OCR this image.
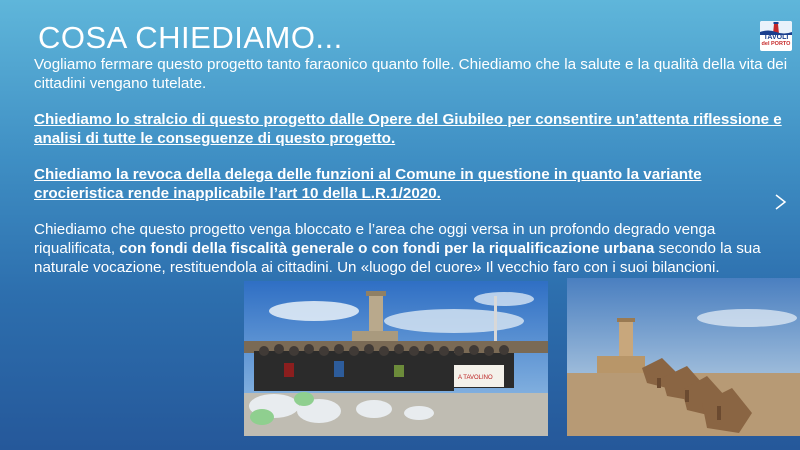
COSA CHIEDIAMO...	TAVOLI
del PORTO
Vogliamo fermare questo progetto tanto faraonico quanto folle. Chiediamo che la salute e la qualità della vita dei cittadini vengano tutelate.
Chiediamo lo stralcio di questo progetto dalle Opere del Giubileo per consentire un’attenta riflessione e analisi di tutte le conseguenze di questo progetto.
Chiediamo la revoca della delega delle funzioni al Comune in questione in quanto la variante crocieristica rende inapplicabile l’art 10 della L.R.1/2020.
Chiediamo che questo progetto venga bloccato e l’area che oggi versa in un profondo degrado venga riqualificata, con fondi della fiscalità generale o con fondi per la riqualificazione urbana secondo la sua naturale vocazione, restituendola ai cittadini. Un «luogo del cuore» Il vecchio faro con i suoi bilancioni.
A TAVOLINO
